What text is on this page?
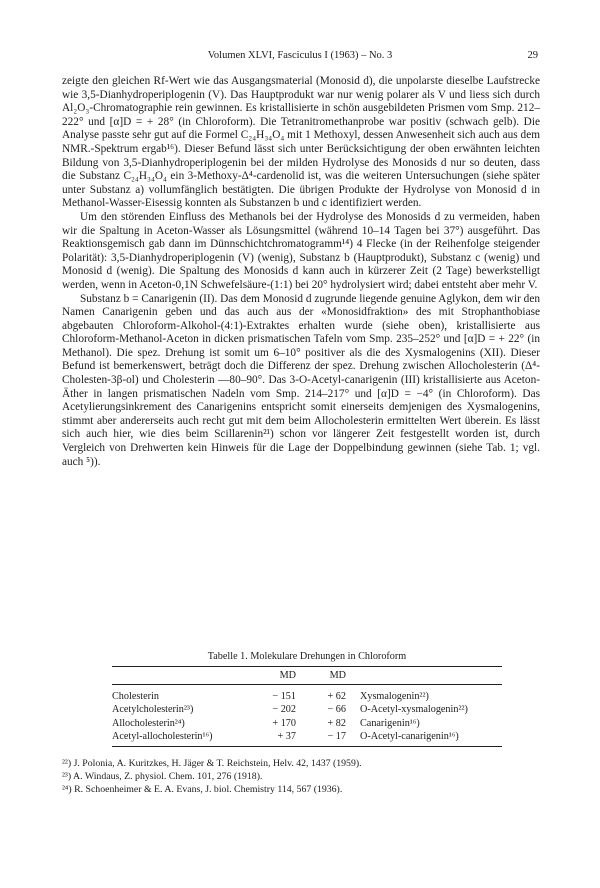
Volumen XLVI, Fasciculus I (1963) – No. 3	29

zeigte den gleichen Rf-Wert wie das Ausgangsmaterial (Monosid d), die unpolarste dieselbe Laufstrecke wie 3,5-Dianhydroperiplogenin (V). Das Hauptprodukt war nur wenig polarer als V und liess sich durch Al₂O₃-Chromatographie rein gewinnen. Es kristallisierte in schön ausgebildeten Prismen vom Smp. 212–222° und [α]D = + 28° (in Chloroform). Die Tetranitromethanprobe war positiv (schwach gelb). Die Analyse passte sehr gut auf die Formel C₂₄H₃₄O₄ mit 1 Methoxyl, dessen Anwesenheit sich auch aus dem NMR.-Spektrum ergab¹⁶). Dieser Befund lässt sich unter Berücksichtigung der oben erwähnten leichten Bildung von 3,5-Dianhydroperiplogenin bei der milden Hydrolyse des Monosids d nur so deuten, dass die Substanz C₂₄H₃₄O₄ ein 3-Methoxy-Δ⁴-cardenolid ist, was die weiteren Untersuchungen (siehe später unter Substanz a) vollumfänglich bestätigten. Die übrigen Produkte der Hydrolyse von Monosid d in Methanol-Wasser-Eisessig konnten als Substanzen b und c identifiziert werden.

Um den störenden Einfluss des Methanols bei der Hydrolyse des Monosids d zu vermeiden, haben wir die Spaltung in Aceton-Wasser als Lösungsmittel (während 10–14 Tagen bei 37°) ausgeführt. Das Reaktionsgemisch gab dann im Dünnschichtchromatogramm¹⁴) 4 Flecke (in der Reihenfolge steigender Polarität): 3,5-Dianhydroperiplogenin (V) (wenig), Substanz b (Hauptprodukt), Substanz c (wenig) und Monosid d (wenig). Die Spaltung des Monosids d kann auch in kürzerer Zeit (2 Tage) bewerkstelligt werden, wenn in Aceton-0,1N Schwefelsäure-(1:1) bei 20° hydrolysiert wird; dabei entsteht aber mehr V.

Substanz b = Canarigenin (II). Das dem Monosid d zugrunde liegende genuine Aglykon, dem wir den Namen Canarigenin geben und das auch aus der «Monosidfraktion» des mit Strophanthobiase abgebauten Chloroform-Alkohol-(4:1)-Extraktes erhalten wurde (siehe oben), kristallisierte aus Chloroform-Methanol-Aceton in dicken prismatischen Tafeln vom Smp. 235–252° und [α]D = + 22° (in Methanol). Die spez. Drehung ist somit um 6–10° positiver als die des Xysmalogenins (XII). Dieser Befund ist bemerkenswert, beträgt doch die Differenz der spez. Drehung zwischen Allocholesterin (Δ⁴-Cholesten-3β-ol) und Cholesterin —80–90°. Das 3-O-Acetyl-canarigenin (III) kristallisierte aus Aceton-Äther in langen prismatischen Nadeln vom Smp. 214–217° und [α]D = −4° (in Chloroform). Das Acetylierungsinkrement des Canarigenins entspricht somit einerseits demjenigen des Xysmalogenins, stimmt aber andererseits auch recht gut mit dem beim Allocholesterin ermittelten Wert überein. Es lässt sich auch hier, wie dies beim Scillarenin²¹) schon vor längerer Zeit festgestellt worden ist, durch Vergleich von Drehwerten kein Hinweis für die Lage der Doppelbindung gewinnen (siehe Tab. 1; vgl. auch ⁵)).

Tabelle 1. Molekulare Drehungen in Chloroform
	MD	MD	
Cholesterin	− 151	+ 62	Xysmalogenin²²)
Acetylcholesterin²³)	− 202	− 66	O-Acetyl-xysmalogenin²²)
Allocholesterin²⁴)	+ 170	+ 82	Canarigenin¹⁶)
Acetyl-allocholesterin¹⁶)	+ 37	− 17	O-Acetyl-canarigenin¹⁶)

²²) J. Polonia, A. Kuritzkes, H. Jäger & T. Reichstein, Helv. 42, 1437 (1959).

²³) A. Windaus, Z. physiol. Chem. 101, 276 (1918).

²⁴) R. Schoenheimer & E. A. Evans, J. biol. Chemistry 114, 567 (1936).
